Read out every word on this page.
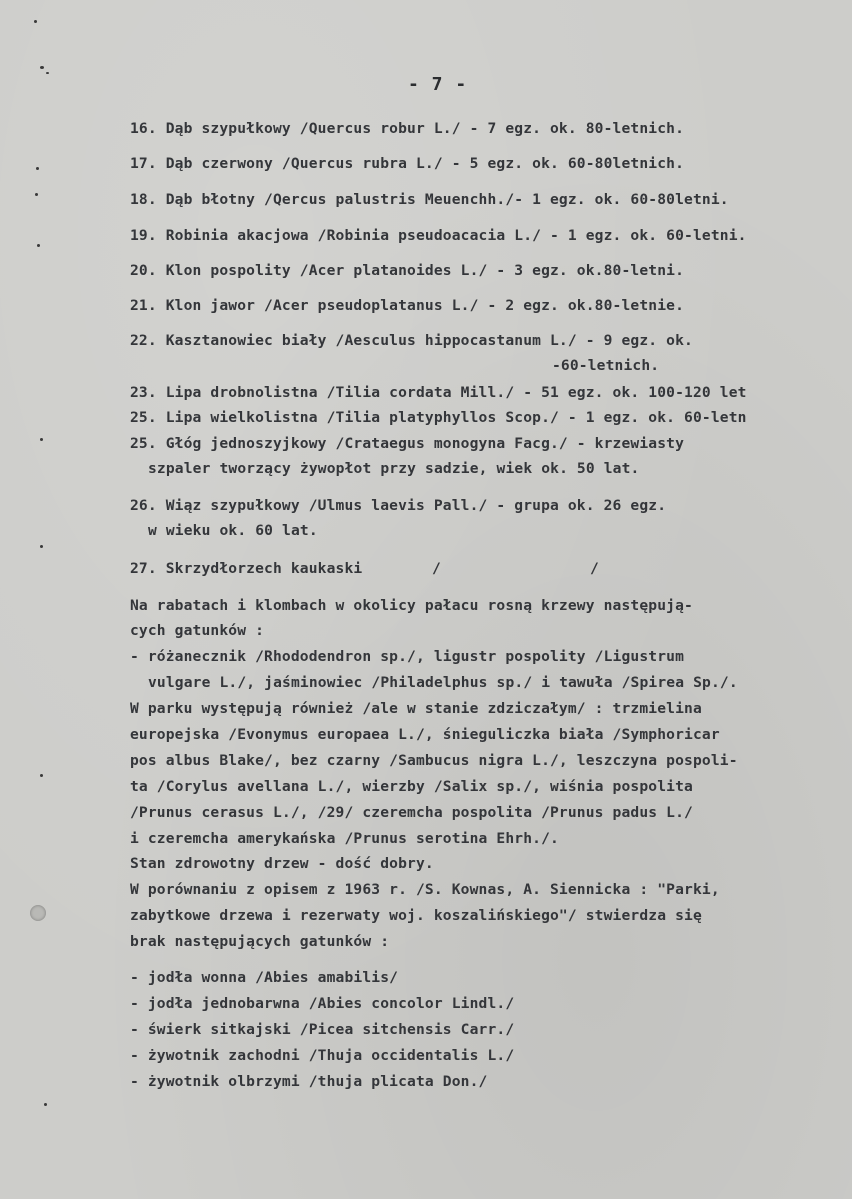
- 7 -
16. Dąb szypułkowy /Quercus robur L./ - 7 egz. ok. 80-letnich.
17. Dąb czerwony /Quercus rubra L./ - 5 egz. ok. 60-80letnich.
18. Dąb błotny /Qercus palustris Meuenchh./- 1 egz. ok. 60-80letni.
19. Robinia akacjowa /Robinia pseudoacacia L./ - 1 egz. ok. 60-letni.
20. Klon pospolity /Acer platanoides L./ - 3 egz. ok.80-letni.
21. Klon jawor /Acer pseudoplatanus L./ - 2 egz. ok.80-letnie.
22. Kasztanowiec biały /Aesculus hippocastanum L./ - 9 egz. ok.
-60-letnich.
23. Lipa drobnolistna /Tilia cordata Mill./ - 51 egz. ok. 100-120 let
25. Lipa wielkolistna /Tilia platyphyllos Scop./ - 1 egz. ok. 60-letn
25. Głóg jednoszyjkowy /Crataegus monogyna Facg./ - krzewiasty
szpaler tworzący żywopłot przy sadzie, wiek ok. 50 lat.
26. Wiąz szypułkowy /Ulmus laevis Pall./ - grupa ok. 26 egz.
w wieku ok. 60 lat.
27. Skrzydłorzech kaukaski	/	/
Na rabatach i klombach w okolicy pałacu rosną krzewy następują-
cych gatunków :
- różanecznik /Rhododendron sp./, ligustr pospolity /Ligustrum
vulgare L./, jaśminowiec /Philadelphus sp./ i tawuła /Spirea Sp./.
W parku występują również /ale w stanie zdziczałym/ : trzmielina
europejska /Evonymus europaea L./, śnieguliczka biała /Symphoricar
pos albus Blake/, bez czarny /Sambucus nigra L./, leszczyna pospoli-
ta /Corylus avellana L./, wierzby /Salix sp./, wiśnia pospolita
/Prunus cerasus L./, /29/ czeremcha pospolita /Prunus padus L./
i czeremcha amerykańska /Prunus serotina Ehrh./.
Stan zdrowotny drzew - dość dobry.
W porównaniu z opisem z 1963 r. /S. Kownas, A. Siennicka : "Parki,
zabytkowe drzewa i rezerwaty woj. koszalińskiego"/ stwierdza się
brak następujących gatunków :
- jodła wonna /Abies amabilis/
- jodła jednobarwna /Abies concolor Lindl./
- świerk sitkajski /Picea sitchensis Carr./
- żywotnik zachodni /Thuja occidentalis L./
- żywotnik olbrzymi /thuja plicata Don./
